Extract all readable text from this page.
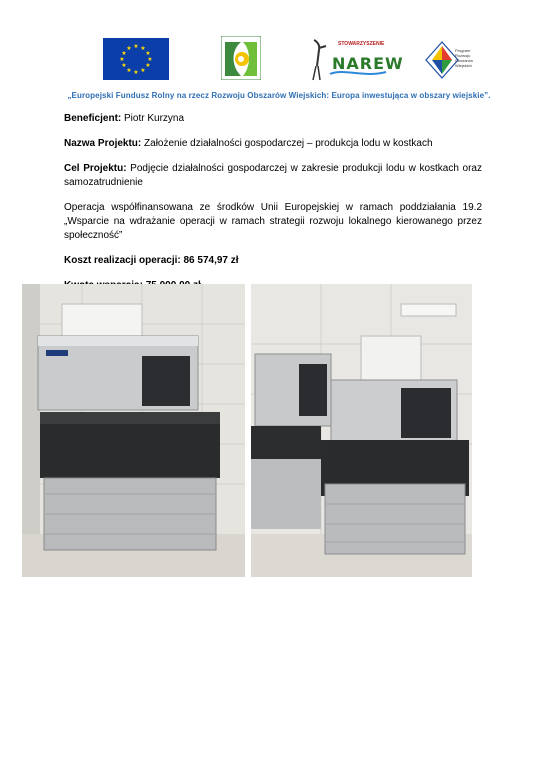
★ ★
★
★
★
★
★
★
★
★
★
★
STOWARZYSZENIE
NAREW
Program Rozwoju Obszarów Wiejskich
„Europejski Fundusz Rolny na rzecz Rozwoju Obszarów Wiejskich: Europa inwestująca w obszary wiejskie”.
Beneficjent: Piotr Kurzyna
Nazwa Projektu: Założenie działalności gospodarczej – produkcja lodu w kostkach
Cel Projektu: Podjęcie działalności gospodarczej w zakresie produkcji lodu w kostkach oraz samozatrudnienie
Operacja współfinansowana ze środków Unii Europejskiej w ramach poddziałania 19.2 „Wsparcie na wdrażanie operacji w ramach strategii rozwoju lokalnego kierowanego przez społeczność”
Koszt realizacji operacji: 86 574,97 zł
